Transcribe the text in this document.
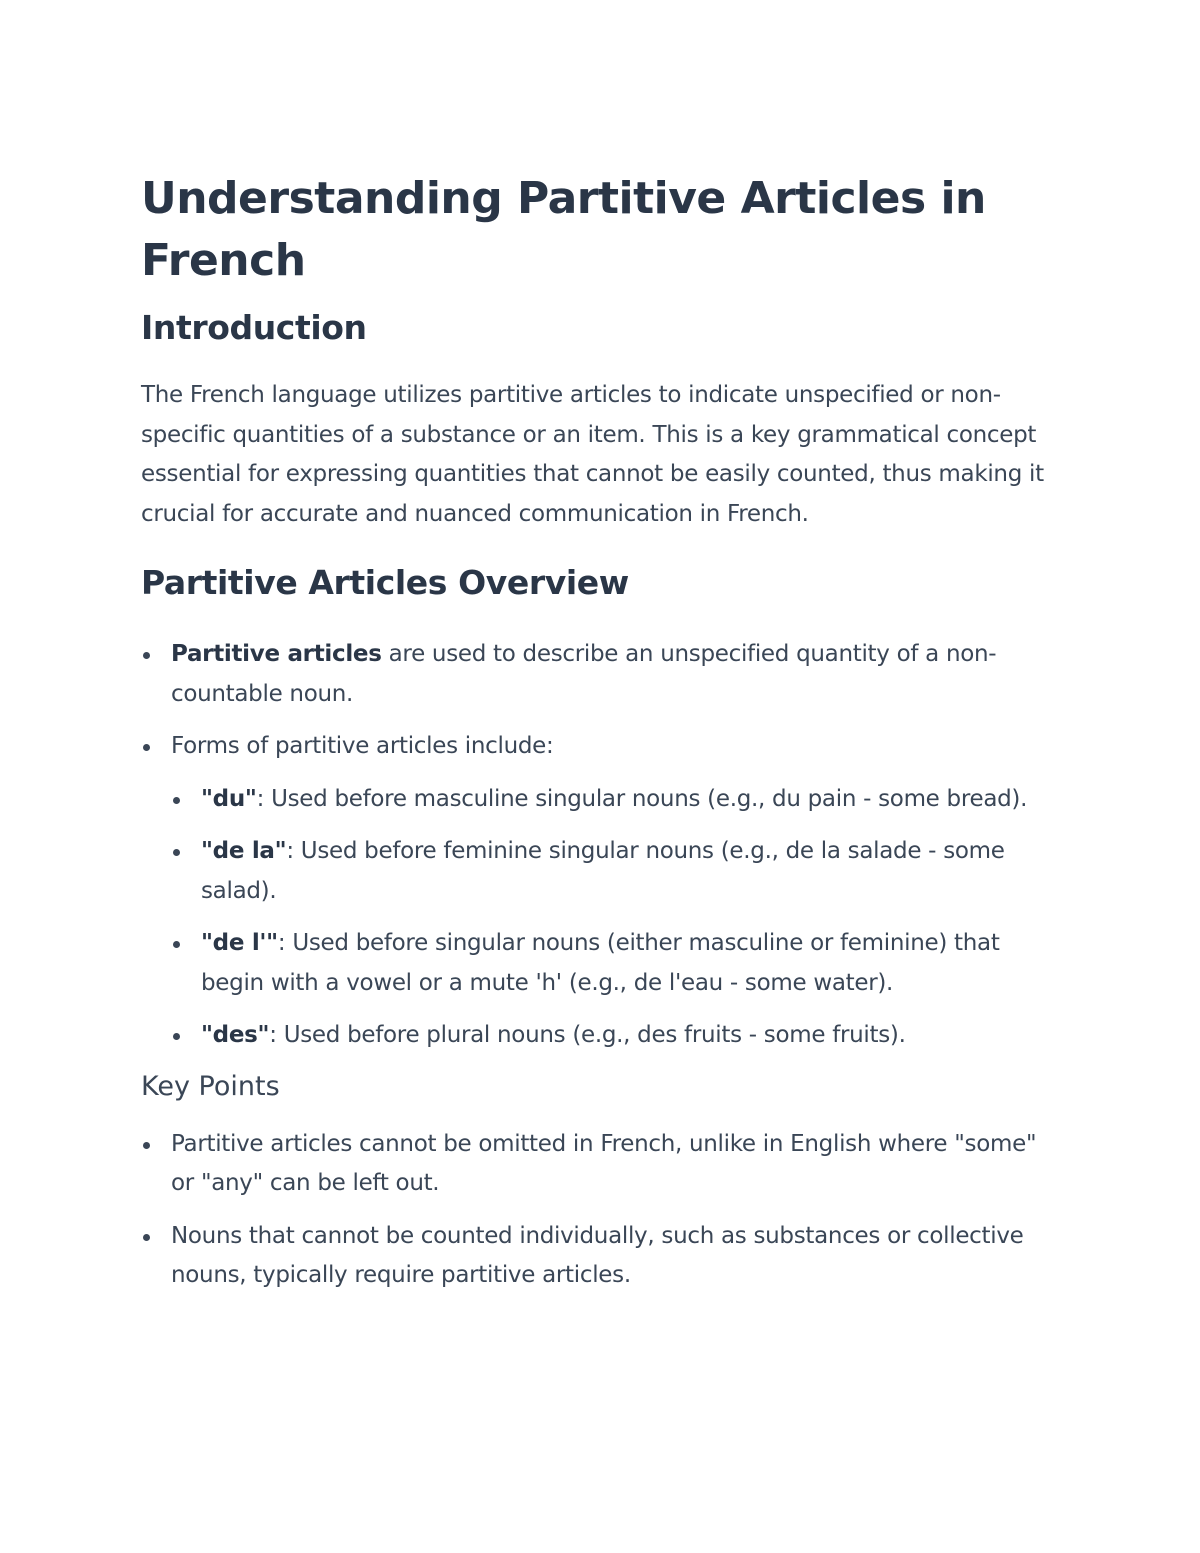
Understanding Partitive Articles in French
Introduction

The French language utilizes partitive articles to indicate unspecified or non-specific quantities of a substance or an item. This is a key grammatical concept essential for expressing quantities that cannot be easily counted, thus making it crucial for accurate and nuanced communication in French.

Partitive Articles Overview
Partitive articles are used to describe an unspecified quantity of a non-countable noun.
Forms of partitive articles include:
"du": Used before masculine singular nouns (e.g., du pain - some bread).
"de la": Used before feminine singular nouns (e.g., de la salade - some salad).
"de l'": Used before singular nouns (either masculine or feminine) that begin with a vowel or a mute 'h' (e.g., de l'eau - some water).
"des": Used before plural nouns (e.g., des fruits - some fruits).
Key Points
Partitive articles cannot be omitted in French, unlike in English where "some" or "any" can be left out.
Nouns that cannot be counted individually, such as substances or collective nouns, typically require partitive articles.
